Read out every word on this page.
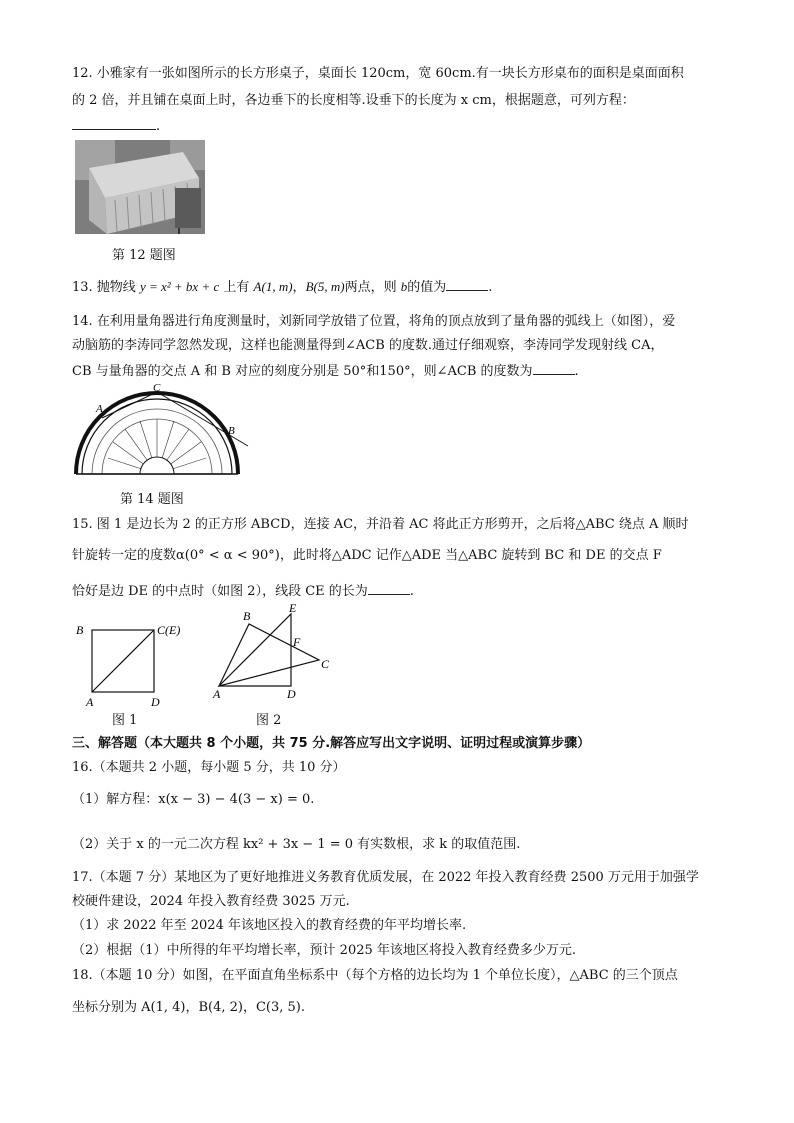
12. 小雅家有一张如图所示的长方形桌子，桌面长 120cm，宽 60cm.有一块长方形桌布的面积是桌面面积
的 2 倍，并且铺在桌面上时，各边垂下的长度相等.设垂下的长度为 x cm，根据题意，可列方程：
.
第 12 题图
13. 抛物线 y = x² + bx + c 上有 A(1, m)，B(5, m)两点，则 b的值为	.
14. 在利用量角器进行角度测量时，刘新同学放错了位置，将角的顶点放到了量角器的弧线上（如图），爱
动脑筋的李涛同学忽然发现，这样也能测量得到∠ACB 的度数.通过仔细观察，李涛同学发现射线 CA，
CB 与量角器的交点 A 和 B 对应的刻度分别是 50°和150°，则∠ACB 的度数为	.
A
B
C
第 14 题图
15. 图 1 是边长为 2 的正方形 ABCD，连接 AC，并沿着 AC 将此正方形剪开，之后将△ABC 绕点 A 顺时
针旋转一定的度数α(0° < α < 90°)，此时将△ADC 记作△ADE 当△ABC 旋转到 BC 和 DE 的交点 F
恰好是边 DE 的中点时（如图 2），线段 CE 的长为	.
B	C(E)
A	D
图 1
B
E
F
C
A	D
图 2
三、解答题（本大题共 8 个小题，共 75 分.解答应写出文字说明、证明过程或演算步骤）
16.（本题共 2 小题，每小题 5 分，共 10 分）
（1）解方程：x(x − 3) − 4(3 − x) = 0.
（2）关于 x 的一元二次方程 kx² + 3x − 1 = 0 有实数根，求 k 的取值范围.
17.（本题 7 分）某地区为了更好地推进义务教育优质发展，在 2022 年投入教育经费 2500 万元用于加强学
校硬件建设，2024 年投入教育经费 3025 万元.
（1）求 2022 年至 2024 年该地区投入的教育经费的年平均增长率.
（2）根据（1）中所得的年平均增长率，预计 2025 年该地区将投入教育经费多少万元.
18.（本题 10 分）如图，在平面直角坐标系中（每个方格的边长均为 1 个单位长度），△ABC 的三个顶点
坐标分别为 A(1, 4)，B(4, 2)，C(3, 5).
